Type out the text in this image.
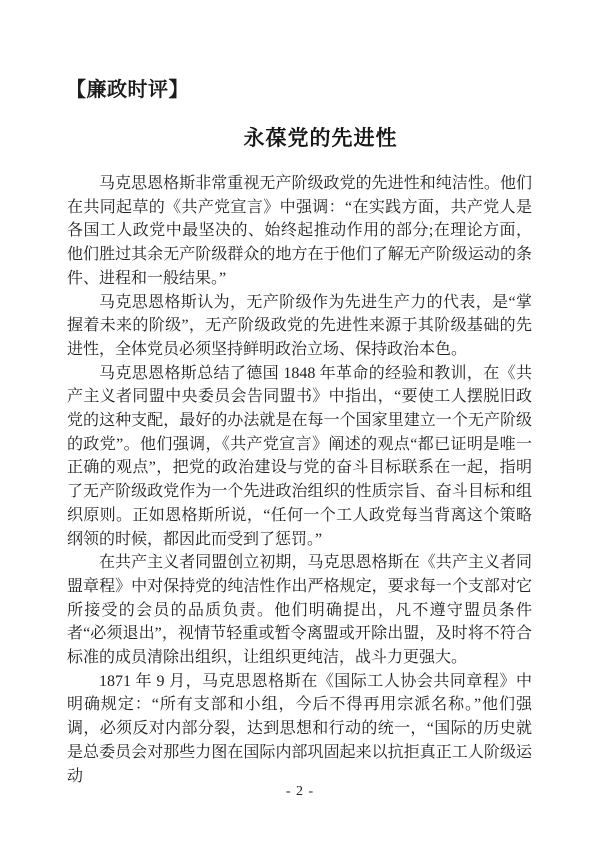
【廉政时评】
永葆党的先进性

马克思恩格斯非常重视无产阶级政党的先进性和纯洁性。他们在共同起草的《共产党宣言》中强调：“在实践方面，共产党人是各国工人政党中最坚决的、始终起推动作用的部分;在理论方面，他们胜过其余无产阶级群众的地方在于他们了解无产阶级运动的条件、进程和一般结果。”

马克思恩格斯认为，无产阶级作为先进生产力的代表，是“掌握着未来的阶级”，无产阶级政党的先进性来源于其阶级基础的先进性，全体党员必须坚持鲜明政治立场、保持政治本色。

马克思恩格斯总结了德国 1848 年革命的经验和教训，在《共产主义者同盟中央委员会告同盟书》中指出，“要使工人摆脱旧政党的这种支配，最好的办法就是在每一个国家里建立一个无产阶级的政党”。他们强调，《共产党宣言》阐述的观点“都已证明是唯一正确的观点”，把党的政治建设与党的奋斗目标联系在一起，指明了无产阶级政党作为一个先进政治组织的性质宗旨、奋斗目标和组织原则。正如恩格斯所说，“任何一个工人政党每当背离这个策略纲领的时候，都因此而受到了惩罚。”

在共产主义者同盟创立初期，马克思恩格斯在《共产主义者同盟章程》中对保持党的纯洁性作出严格规定，要求每一个支部对它所接受的会员的品质负责。他们明确提出，凡不遵守盟员条件者“必须退出”，视情节轻重或暂令离盟或开除出盟，及时将不符合标准的成员清除出组织，让组织更纯洁，战斗力更强大。

1871 年 9 月，马克思恩格斯在《国际工人协会共同章程》中明确规定：“所有支部和小组，今后不得再用宗派名称。”他们强调，必须反对内部分裂，达到思想和行动的统一，“国际的历史就是总委员会对那些力图在国际内部巩固起来以抗拒真正工人阶级运动

- 2 -
